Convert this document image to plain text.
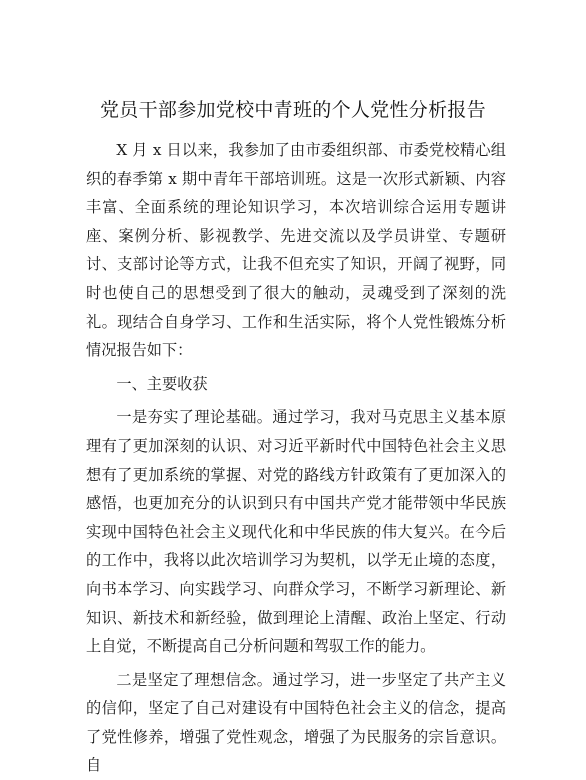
党员干部参加党校中青班的个人党性分析报告

X 月 x 日以来，我参加了由市委组织部、市委党校精心组织的春季第 x 期中青年干部培训班。这是一次形式新颖、内容丰富、全面系统的理论知识学习，本次培训综合运用专题讲座、案例分析、影视教学、先进交流以及学员讲堂、专题研讨、支部讨论等方式，让我不但充实了知识，开阔了视野，同时也使自己的思想受到了很大的触动，灵魂受到了深刻的洗礼。现结合自身学习、工作和生活实际，将个人党性锻炼分析情况报告如下：

一、主要收获

一是夯实了理论基础。通过学习，我对马克思主义基本原理有了更加深刻的认识、对习近平新时代中国特色社会主义思想有了更加系统的掌握、对党的路线方针政策有了更加深入的感悟，也更加充分的认识到只有中国共产党才能带领中华民族实现中国特色社会主义现代化和中华民族的伟大复兴。在今后的工作中，我将以此次培训学习为契机，以学无止境的态度，向书本学习、向实践学习、向群众学习，不断学习新理论、新知识、新技术和新经验，做到理论上清醒、政治上坚定、行动上自觉，不断提高自己分析问题和驾驭工作的能力。

二是坚定了理想信念。通过学习，进一步坚定了共产主义的信仰，坚定了自己对建设有中国特色社会主义的信念，提高了党性修养，增强了党性观念，增强了为民服务的宗旨意识。自
